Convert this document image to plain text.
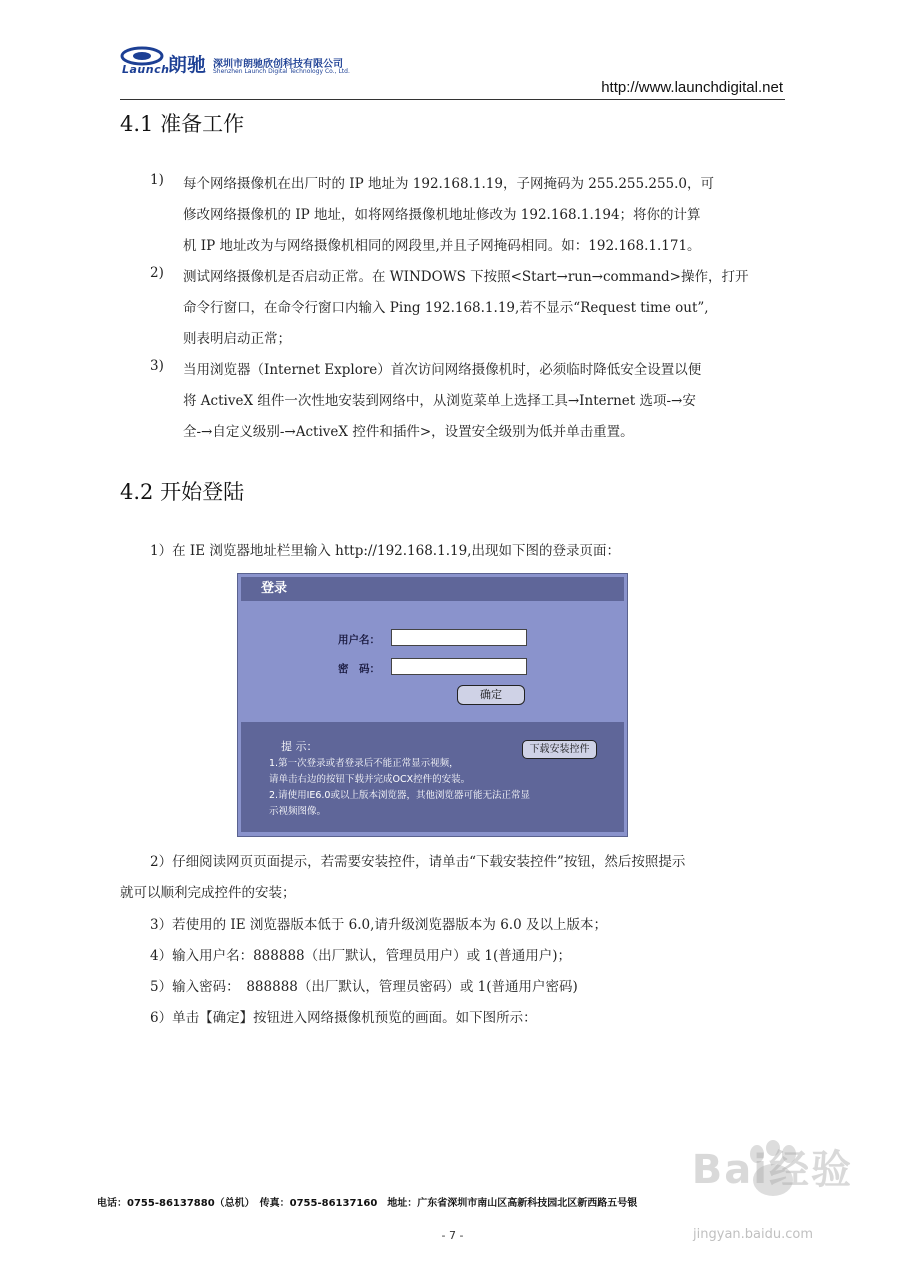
Launch
朗驰 深圳市朗驰欣创科技有限公司
Shenzhen Launch Digital Technology Co., Ltd.
http://www.launchdigital.net
4.1 准备工作
1) 每个网络摄像机在出厂时的 IP 地址为 192.168.1.19，子网掩码为 255.255.255.0，可
修改网络摄像机的 IP 地址，如将网络摄像机地址修改为 192.168.1.194；将你的计算
机 IP 地址改为与网络摄像机相同的网段里,并且子网掩码相同。如：192.168.1.171。
2) 测试网络摄像机是否启动正常。在 WINDOWS 下按照<Start→run→command>操作，打开
命令行窗口，在命令行窗口内输入 Ping 192.168.1.19,若不显示“Request time out”,
则表明启动正常；
3) 当用浏览器（Internet Explore）首次访问网络摄像机时，必须临时降低安全设置以便
将 ActiveX 组件一次性地安装到网络中，从浏览菜单上选择工具→Internet 选项-→安
全-→自定义级别-→ActiveX 控件和插件>，设置安全级别为低并单击重置。
4.2 开始登陆
1）在 IE 浏览器地址栏里输入 http://192.168.1.19,出现如下图的登录页面：
登录
用户名：
密　码：
确定
提 示：
1.第一次登录或者登录后不能正常显示视频，
请单击右边的按钮下载并完成OCX控件的安装。
2.请使用IE6.0或以上版本浏览器，其他浏览器可能无法正常显
示视频图像。
下载安装控件
2）仔细阅读网页页面提示，若需要安装控件，请单击“下载安装控件”按钮，然后按照提示
就可以顺利完成控件的安装；
3）若使用的 IE 浏览器版本低于 6.0,请升级浏览器版本为 6.0 及以上版本；
4）输入用户名：888888（出厂默认，管理员用户）或 1(普通用户)；
5）输入密码：　888888（出厂默认，管理员密码）或 1(普通用户密码)
6）单击【确定】按钮进入网络摄像机预览的画面。如下图所示：
Bai经验
电话：0755-86137880（总机）　传真：0755-86137160　地址：广东省深圳市南山区高新科技园北区新西路五号银
- 7 -	jingyan.baidu.com
